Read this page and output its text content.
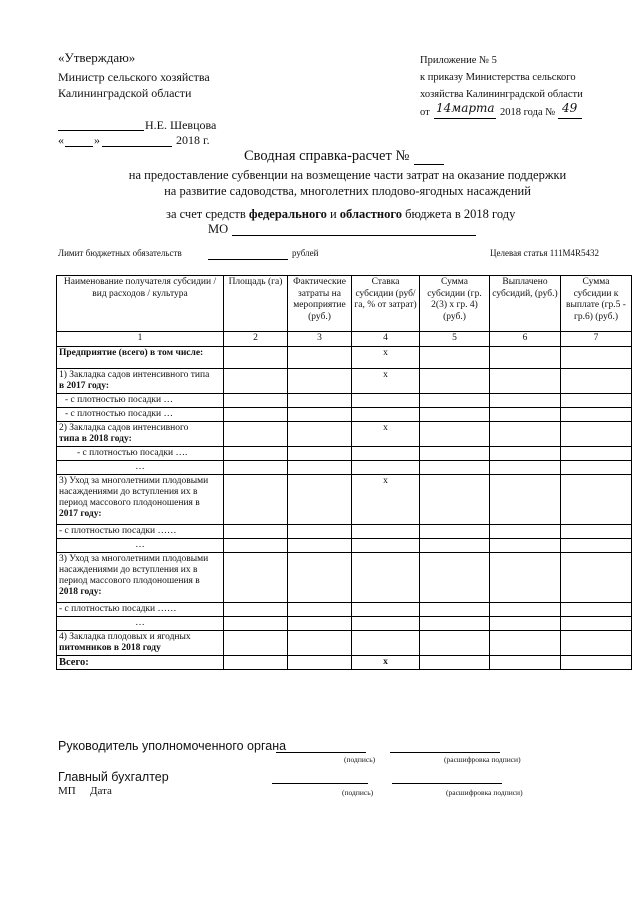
«Утверждаю»
Министр сельского хозяйства
Калининградской области
Н.Е. Шевцова
«	»	2018 г.
Приложение № 5
к приказу Министерства сельского
хозяйства Калининградской области
от 14марта 2018 года № 49
Сводная справка-расчет №
на предоставление субвенции на возмещение части затрат на оказание поддержки
на развитие садоводства, многолетних плодово-ягодных насаждений
за счет средств федерального и областного бюджета в 2018 году
МО
Лимит бюджетных обязательств	рублей	Целевая статья 111М4R5432
Наименование получателя субсидии / вид расходов / культура	Площадь (га)	Фактические затраты на мероприятие (руб.)	Ставка субсидии (руб/га, % от затрат)	Сумма субсидии (гр. 2(3) х гр. 4) (руб.)	Выплачено субсидий, (руб.)	Сумма субсидии к выплате (гр.5 - гр.6) (руб.)
1	2	3	4	5	6	7
Предприятие (всего) в том числе:			х			
1) Закладка садов интенсивного типа
в 2017 году:			х			
- с плотностью посадки …						
- с плотностью посадки …						
2) Закладка садов интенсивного
типа в 2018 году:			х			
- с плотностью посадки ….						
…						
3) Уход за многолетними плодовыми насаждениями до вступления их в период массового плодоношения в 2017 году:			х			
- с плотностью посадки ……						
…						
3) Уход за многолетними плодовыми насаждениями до вступления их в период массового плодоношения в 2018 году:						
- с плотностью посадки ……						
…						
4) Закладка плодовых и ягодных
питомников в 2018 году						
Всего:			х			
Руководитель уполномоченного органа
(подпись)	(расшифровка подписи)
Главный бухгалтер
МП Дата	(подпись)	(расшифровка подписи)
